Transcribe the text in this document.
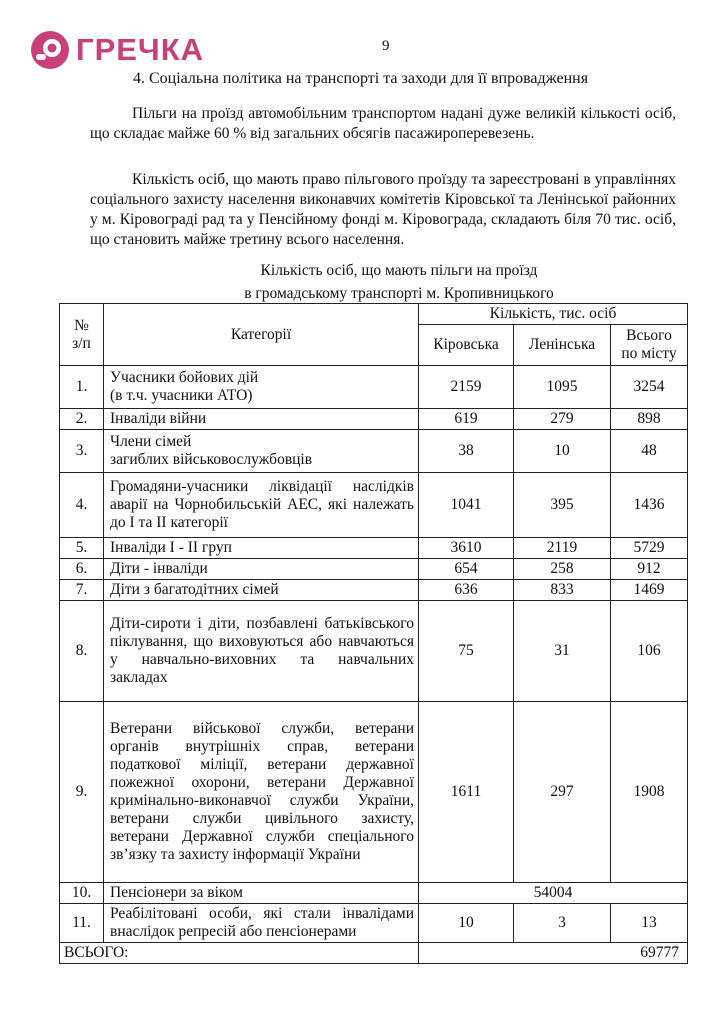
ГРЕЧКА	9
4. Соціальна політика на транспорті та заходи для її впровадження

Пільги на проїзд автомобільним транспортом надані дуже великій кількості осіб, що складає майже 60 % від загальних обсягів пасажироперевезень.

Кількість осіб, що мають право пільгового проїзду та зареєстровані в управліннях соціального захисту населення виконавчих комітетів Кіровської та Ленінської районних у м. Кіровограді рад та у Пенсійному фонді м. Кіровограда, складають біля 70 тис. осіб, що становить майже третину всього населення.

Кількість осіб, що мають пільги на проїзд
в громадському транспорті м. Кропивницького
№
з/п	Категорії	Кількість, тис. осіб		
		Кіровська	Ленінська	Всього
по місту
1.	Учасники бойових дій
(в т.ч. учасники АТО)	2159	1095	3254
2.	Інваліди війни	619	279	898
3.	Члени сімей
загиблих військовослужбовців	38	10	48
4.	Громадяни-учасники ліквідації наслідків аварії на Чорнобильській АЕС, які належать до І та ІІ категорії	1041	395	1436
5.	Інваліди І - ІІ груп	3610	2119	5729
6.	Діти - інваліди	654	258	912
7.	Діти з багатодітних сімей	636	833	1469
8.	Діти-сироти і діти, позбавлені батьківського піклування, що виховуються або навчаються у навчально-виховних та навчальних закладах	75	31	106
9.	Ветерани військової служби, ветерани органів внутрішніх справ, ветерани податкової міліції, ветерани державної пожежної охорони, ветерани Державної кримінально-виконавчої служби України, ветерани служби цивільного захисту, ветерани Державної служби спеціального зв’язку та захисту інформації України	1611	297	1908
10.	Пенсіонери за віком	54004		
11.	Реабілітовані особи, які стали інвалідами внаслідок репресій або пенсіонерами	10	3	13
ВСЬОГО:		69777		
